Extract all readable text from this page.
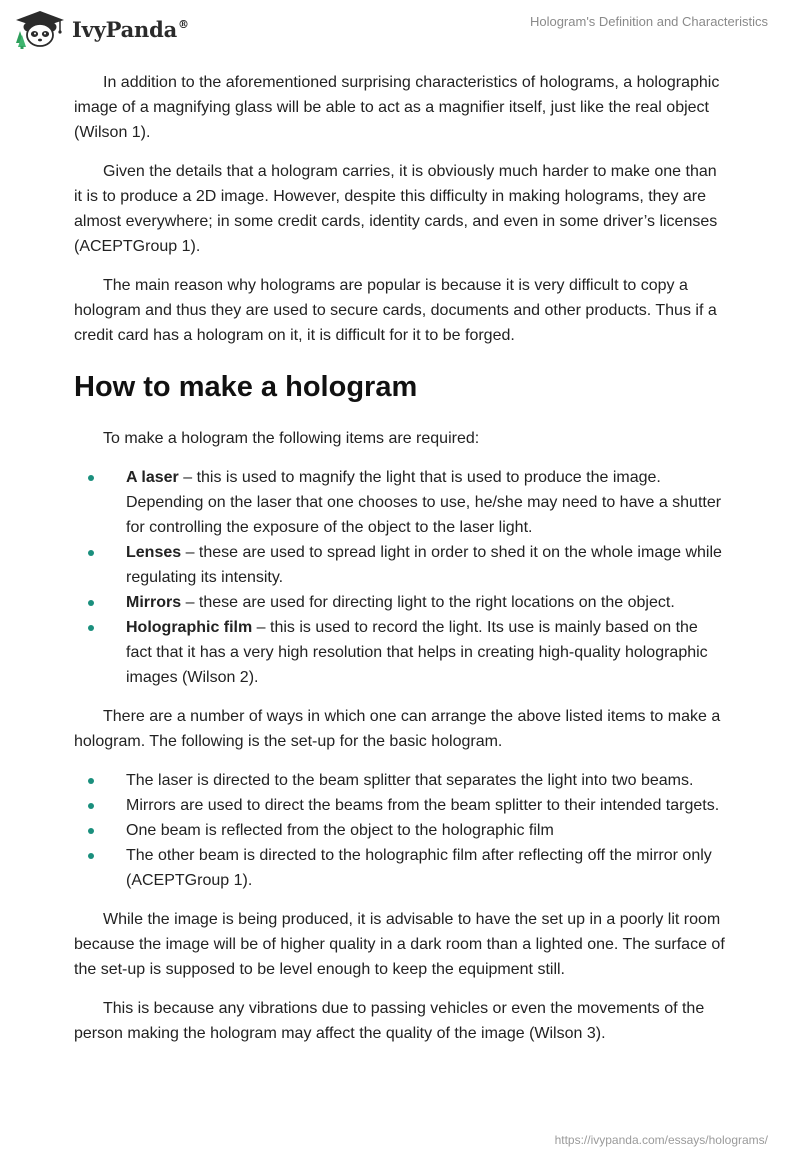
IvyPanda®	Hologram's Definition and Characteristics

In addition to the aforementioned surprising characteristics of holograms, a holographic image of a magnifying glass will be able to act as a magnifier itself, just like the real object (Wilson 1).

Given the details that a hologram carries, it is obviously much harder to make one than it is to produce a 2D image. However, despite this difficulty in making holograms, they are almost everywhere; in some credit cards, identity cards, and even in some driver’s licenses (ACEPTGroup 1).

The main reason why holograms are popular is because it is very difficult to copy a hologram and thus they are used to secure cards, documents and other products. Thus if a credit card has a hologram on it, it is difficult for it to be forged.

How to make a hologram

To make a hologram the following items are required:

A laser – this is used to magnify the light that is used to produce the image. Depending on the laser that one chooses to use, he/she may need to have a shutter for controlling the exposure of the object to the laser light.
Lenses – these are used to spread light in order to shed it on the whole image while regulating its intensity.
Mirrors – these are used for directing light to the right locations on the object.
Holographic film – this is used to record the light. Its use is mainly based on the fact that it has a very high resolution that helps in creating high-quality holographic images (Wilson 2).

There are a number of ways in which one can arrange the above listed items to make a hologram. The following is the set-up for the basic hologram.

The laser is directed to the beam splitter that separates the light into two beams.
Mirrors are used to direct the beams from the beam splitter to their intended targets.
One beam is reflected from the object to the holographic film
The other beam is directed to the holographic film after reflecting off the mirror only (ACEPTGroup 1).

While the image is being produced, it is advisable to have the set up in a poorly lit room because the image will be of higher quality in a dark room than a lighted one. The surface of the set-up is supposed to be level enough to keep the equipment still.

This is because any vibrations due to passing vehicles or even the movements of the person making the hologram may affect the quality of the image (Wilson 3).

https://ivypanda.com/essays/holograms/
